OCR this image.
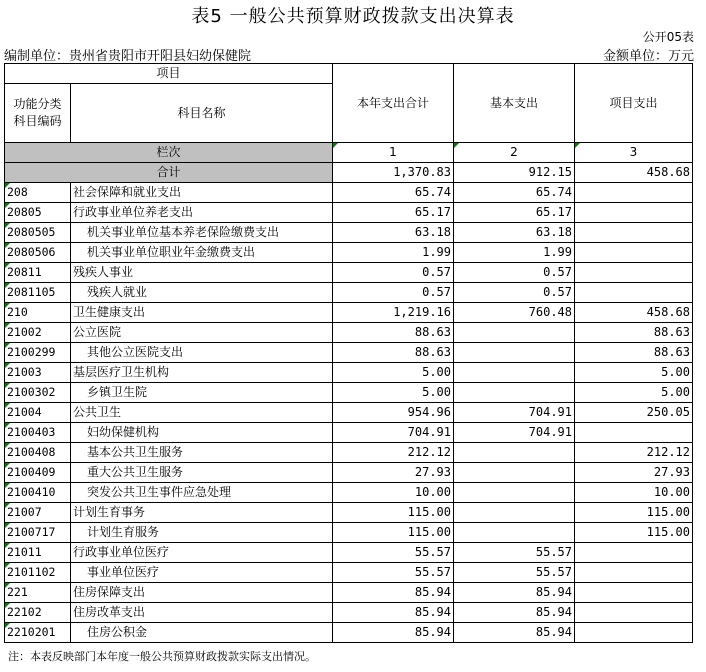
表5 一般公共预算财政拨款支出决算表
公开05表
编制单位：贵州省贵阳市开阳县妇幼保健院	金额单位：万元
项目		本年支出合计	基本支出	项目支出
功能分类
科目编码	科目名称			

栏次		1	2	3
合计		1,370.83	912.15	458.68
208	社会保障和就业支出	65.74	65.74	
20805	行政事业单位养老支出	65.17	65.17	
2080505	机关事业单位基本养老保险缴费支出	63.18	63.18	
2080506	机关事业单位职业年金缴费支出	1.99	1.99	
20811	残疾人事业	0.57	0.57	
2081105	残疾人就业	0.57	0.57	
210	卫生健康支出	1,219.16	760.48	458.68
21002	公立医院	88.63		88.63
2100299	其他公立医院支出	88.63		88.63
21003	基层医疗卫生机构	5.00		5.00
2100302	乡镇卫生院	5.00		5.00
21004	公共卫生	954.96	704.91	250.05
2100403	妇幼保健机构	704.91	704.91	
2100408	基本公共卫生服务	212.12		212.12
2100409	重大公共卫生服务	27.93		27.93
2100410	突发公共卫生事件应急处理	10.00		10.00
21007	计划生育事务	115.00		115.00
2100717	计划生育服务	115.00		115.00
21011	行政事业单位医疗	55.57	55.57	
2101102	事业单位医疗	55.57	55.57	
221	住房保障支出	85.94	85.94	
22102	住房改革支出	85.94	85.94	
2210201	住房公积金	85.94	85.94	
注：本表反映部门本年度一般公共预算财政拨款实际支出情况。
